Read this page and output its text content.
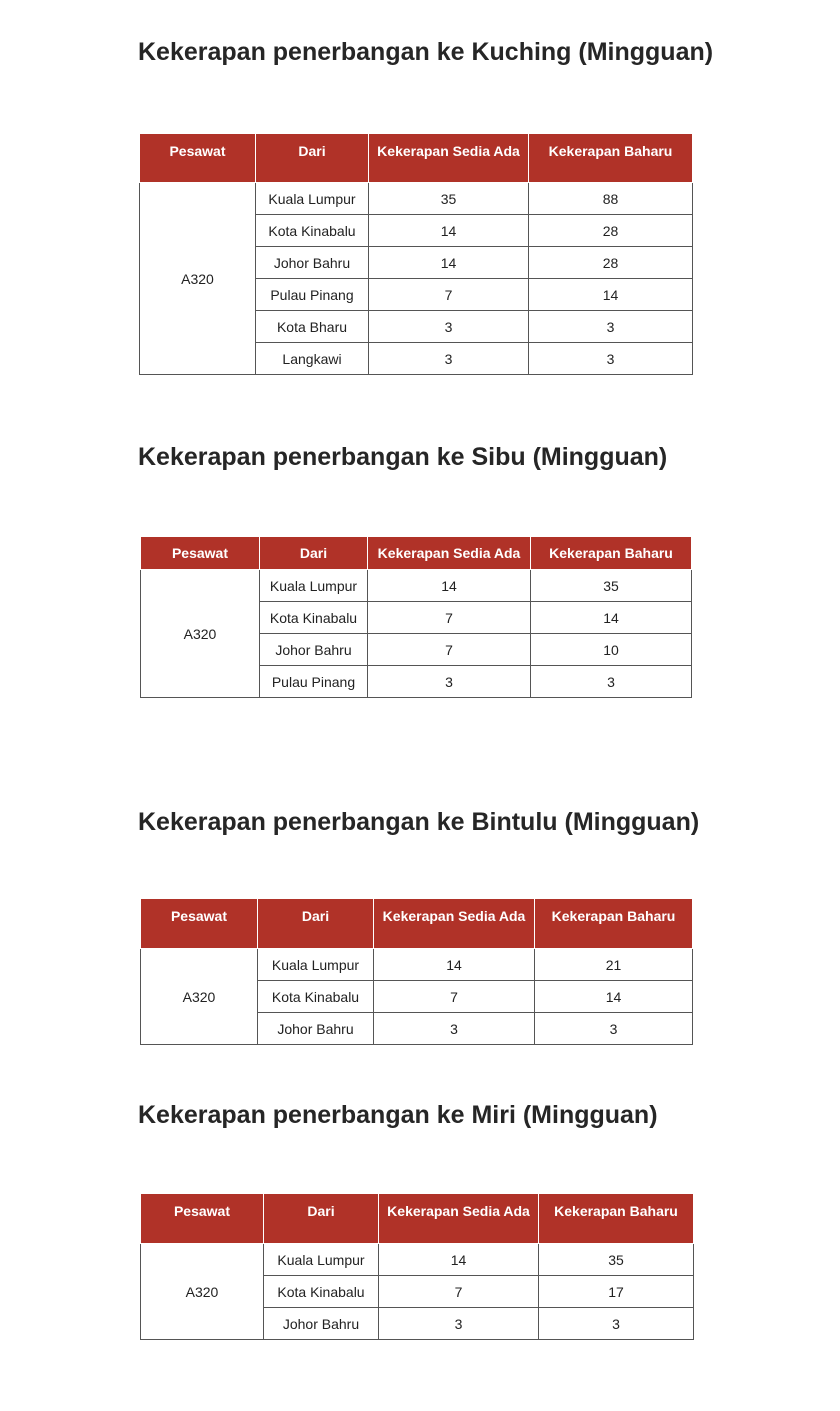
Kekerapan penerbangan ke Kuching (Mingguan)
Pesawat	Dari	Kekerapan Sedia Ada	Kekerapan Baharu
A320	Kuala Lumpur	35	88
	Kota Kinabalu	14	28
	Johor Bahru	14	28
	Pulau Pinang	7	14
	Kota Bharu	3	3
	Langkawi	3	3
Kekerapan penerbangan ke Sibu (Mingguan)
Pesawat	Dari	Kekerapan Sedia Ada	Kekerapan Baharu
A320	Kuala Lumpur	14	35
	Kota Kinabalu	7	14
	Johor Bahru	7	10
	Pulau Pinang	3	3
Kekerapan penerbangan ke Bintulu (Mingguan)
Pesawat	Dari	Kekerapan Sedia Ada	Kekerapan Baharu
A320	Kuala Lumpur	14	21
	Kota Kinabalu	7	14
	Johor Bahru	3	3
Kekerapan penerbangan ke Miri (Mingguan)
Pesawat	Dari	Kekerapan Sedia Ada	Kekerapan Baharu
A320	Kuala Lumpur	14	35
	Kota Kinabalu	7	17
	Johor Bahru	3	3
